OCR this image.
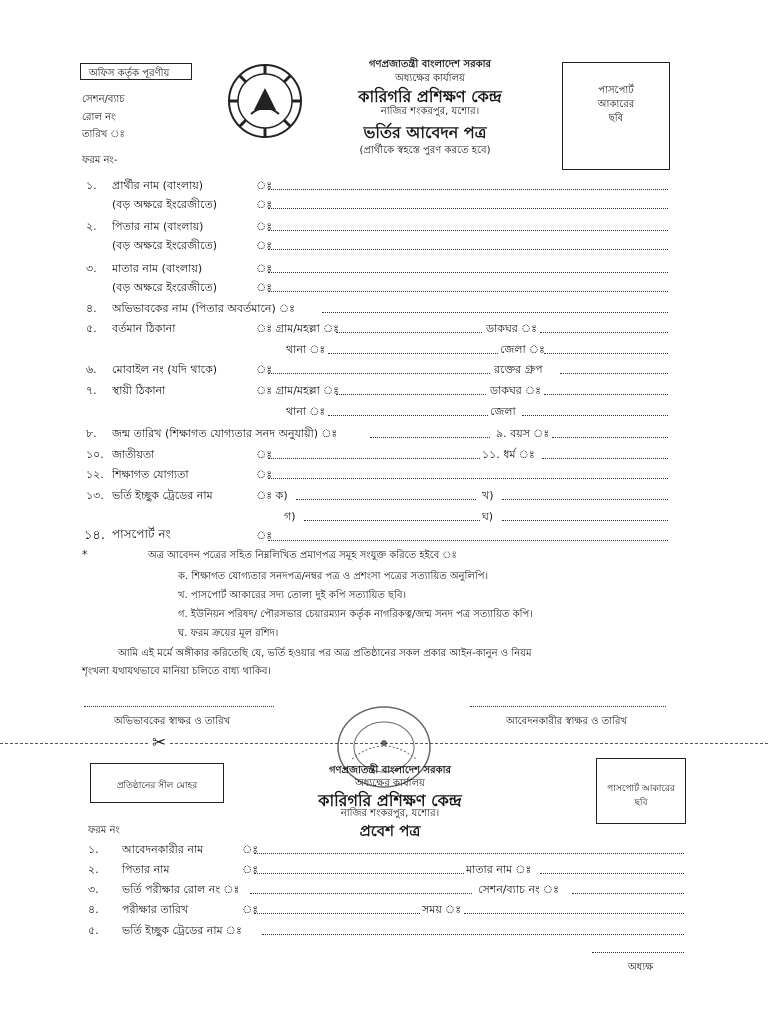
অফিস কর্তৃক পূরণীয়
গণপ্রজাতন্ত্রী বাংলাদেশ সরকার
অধ্যক্ষের কার্যালয়
কারিগরি প্রশিক্ষণ কেন্দ্র
নাজির শংকরপুর, যশোর।
ভর্তির আবেদন পত্র
(প্রার্থীকে স্বহস্তে পুরণ করতে হবে)
পাসপোর্ট
আকারের
ছবি
সেশন/ব্যাচ
রোল নং
তারিখ ঃ
ফরম নং-
১. প্রার্থীর নাম (বাংলায়)	ঃ
(বড় অক্ষরে ইংরেজীতে)	ঃ
২. পিতার নাম (বাংলায়)	ঃ
(বড় অক্ষরে ইংরেজীতে)	ঃ
৩. মাতার নাম (বাংলায়)	ঃ
(বড় অক্ষরে ইংরেজীতে)	ঃ
৪. অভিভাবকের নাম (পিতার অবর্তমানে) ঃ
৫. বর্তমান ঠিকানা	ঃ গ্রাম/মহল্লা ঃ	ডাকঘর ঃ
থানা ঃ	জেলা ঃ
৬. মোবাইল নং (যদি থাকে)	ঃ	রক্তের গ্রুপ
৭. স্থায়ী ঠিকানা	ঃ গ্রাম/মহল্লা ঃ	ডাকঘর ঃ
থানা ঃ	জেলা
৮. জন্ম তারিখ (শিক্ষাগত যোগ্যতার সনদ অনুযায়ী) ঃ	৯. বয়স ঃ
১০. জাতীয়তা	ঃ	১১. ধর্ম ঃ
১২. শিক্ষাগত যোগ্যতা	ঃ
১৩. ভর্তি ইচ্ছুক ট্রেডের নাম	ঃ ক)	খ)
গ)	ঘ)
১৪. পাসপোর্ট নং	ঃ
*	অত্র আবেদন পত্রের সহিত নিম্নলিখিত প্রমাণপত্র সমূহ সংযুক্ত করিতে হইবে ঃ
ক. শিক্ষাগত যোগ্যতার সনদপত্র/নম্বর পত্র ও প্রশংসা পত্রের সত্যায়িত অনুলিপি।
খ. পাসপোর্ট আকারের সদ্য তোলা দুই কপি সত্যায়িত ছবি।
গ. ইউনিয়ন পরিষদ/ পৌরসভার চেয়ারম্যান কর্তৃক নাগরিকত্ব/জন্ম সনদ পত্র সত্যায়িত কপি।
ঘ. ফরম ক্রয়ের মূল রশিদ।
আমি এই মর্মে অঙ্গীকার করিতেছি যে, ভর্তি হওয়ার পর অত্র প্রতিষ্ঠানের সকল প্রকার আইন-কানুন ও নিয়ম
শৃংখলা যথাযথভাবে মানিয়া চলিতে বাধ্য থাকিব।
অভিভাবকের স্বাক্ষর ও তারিখ	আবেদনকারীর স্বাক্ষর ও তারিখ
✂
প্রতিষ্ঠানের সীল মোহর
গণপ্রজাতন্ত্রী বাংলাদেশ সরকার
অধ্যক্ষের কার্যালয়
কারিগরি প্রশিক্ষণ কেন্দ্র
নাজির শংকরপুর, যশোর।
প্রবেশ পত্র
পাসপোর্ট আকারের
ছবি
ফরম নং
১. আবেদনকারীর নাম	ঃ
২. পিতার নাম	ঃ	মাতার নাম ঃ
৩. ভর্তি পরীক্ষার রোল নং ঃ	সেশন/ব্যাচ নং ঃ
৪. পরীক্ষার তারিখ	ঃ	সময় ঃ
৫. ভর্তি ইচ্ছুক ট্রেডের নাম ঃ
অধ্যক্ষ
